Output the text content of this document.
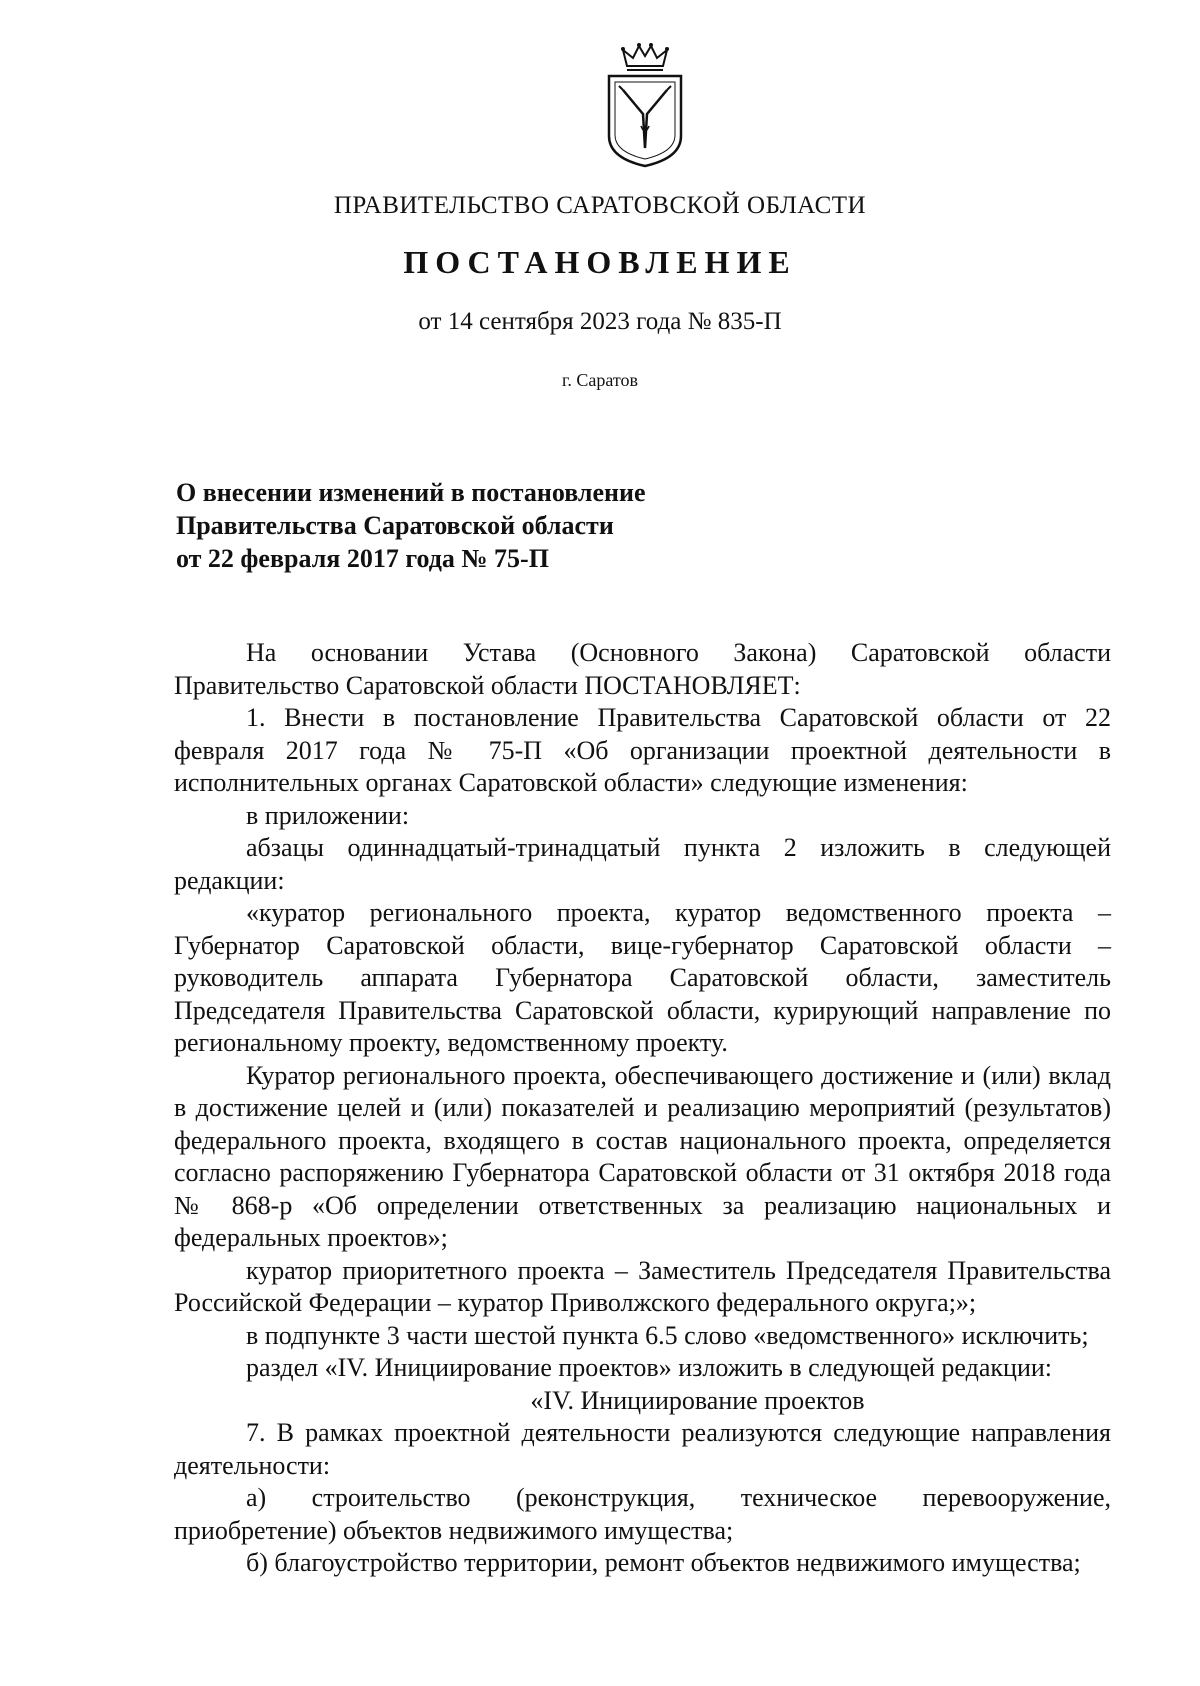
ПРАВИТЕЛЬСТВО САРАТОВСКОЙ ОБЛАСТИ
ПОСТАНОВЛЕНИЕ
от 14 сентября 2023 года № 835-П
г. Саратов
О внесении изменений в постановление
Правительства Саратовской области
от 22 февраля 2017 года № 75-П
На основании Устава (Основного Закона) Саратовской области Правительство Саратовской области ПОСТАНОВЛЯЕТ:
1. Внести в постановление Правительства Саратовской области от 22 февраля 2017 года № 75-П «Об организации проектной деятельности в исполнительных органах Саратовской области» следующие изменения:
в приложении:
абзацы одиннадцатый-тринадцатый пункта 2 изложить в следующей редакции:
«куратор регионального проекта, куратор ведомственного проекта – Губернатор Саратовской области, вице-губернатор Саратовской области – руководитель аппарата Губернатора Саратовской области, заместитель Председателя Правительства Саратовской области, курирующий направление по региональному проекту, ведомственному проекту.
Куратор регионального проекта, обеспечивающего достижение и (или) вклад в достижение целей и (или) показателей и реализацию мероприятий (результатов) федерального проекта, входящего в состав национального проекта, определяется согласно распоряжению Губернатора Саратовской области от 31 октября 2018 года № 868-р «Об определении ответственных за реализацию национальных и федеральных проектов»;
куратор приоритетного проекта – Заместитель Председателя Правительства Российской Федерации – куратор Приволжского федерального округа;»;
в подпункте 3 части шестой пункта 6.5 слово «ведомственного» исключить;
раздел «IV. Инициирование проектов» изложить в следующей редакции:
«IV. Инициирование проектов
7. В рамках проектной деятельности реализуются следующие направления деятельности:
а) строительство (реконструкция, техническое перевооружение, приобретение) объектов недвижимого имущества;
б) благоустройство территории, ремонт объектов недвижимого имущества;
